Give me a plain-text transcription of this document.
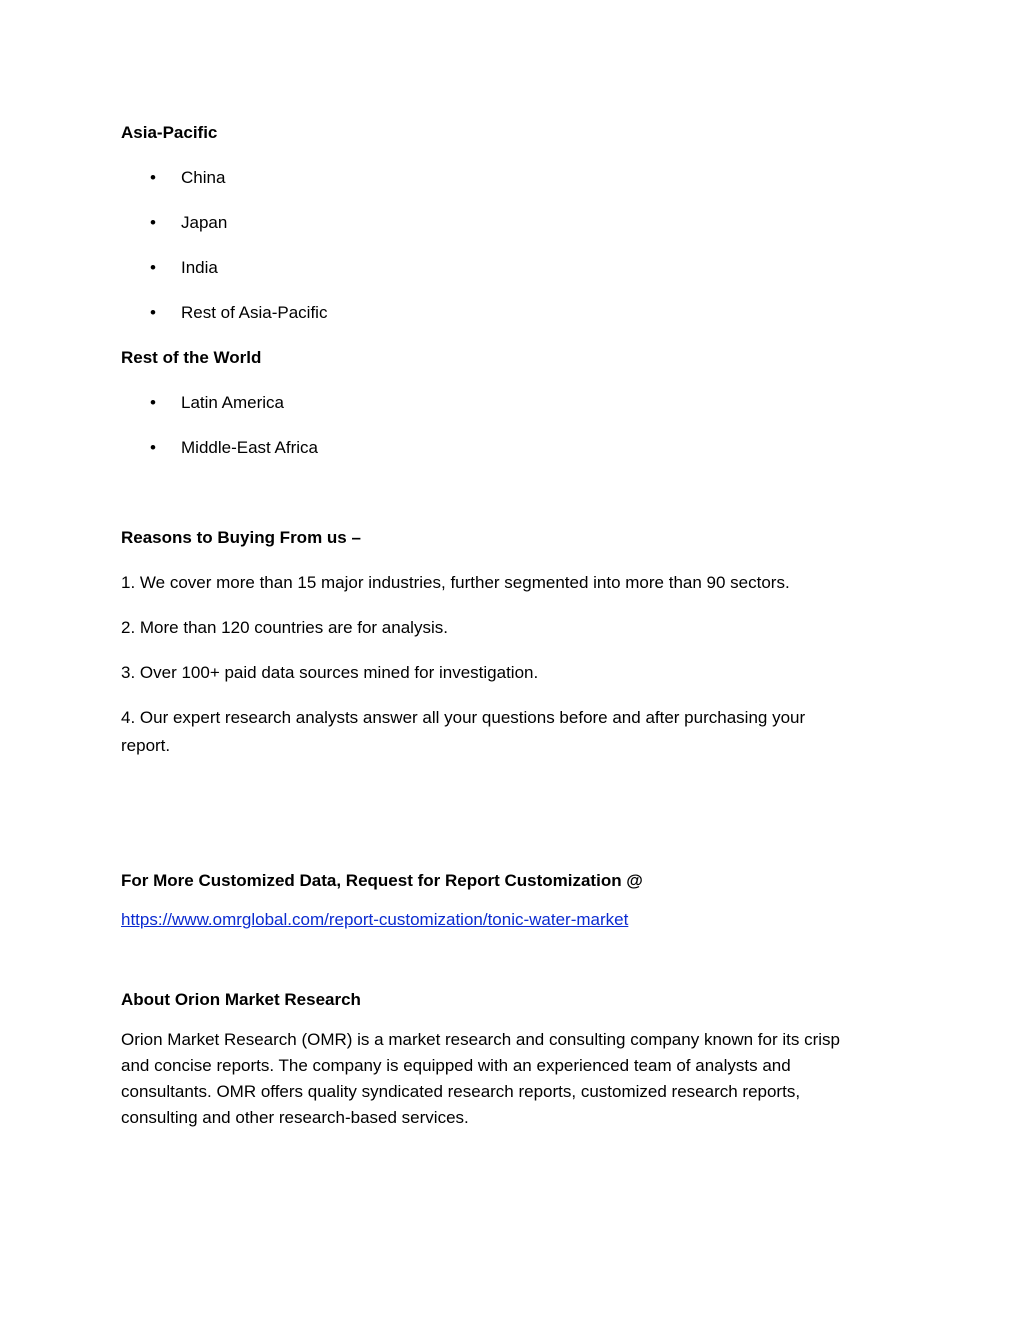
Asia-Pacific
• China
• Japan
• India
• Rest of Asia-Pacific
Rest of the World
• Latin America
• Middle-East Africa
Reasons to Buying From us –
1. We cover more than 15 major industries, further segmented into more than 90 sectors.
2. More than 120 countries are for analysis.
3. Over 100+ paid data sources mined for investigation.
4. Our expert research analysts answer all your questions before and after purchasing your
report.
For More Customized Data, Request for Report Customization @
https://www.omrglobal.com/report-customization/tonic-water-market
About Orion Market Research
Orion Market Research (OMR) is a market research and consulting company known for its crisp
and concise reports. The company is equipped with an experienced team of analysts and
consultants. OMR offers quality syndicated research reports, customized research reports,
consulting and other research-based services.
